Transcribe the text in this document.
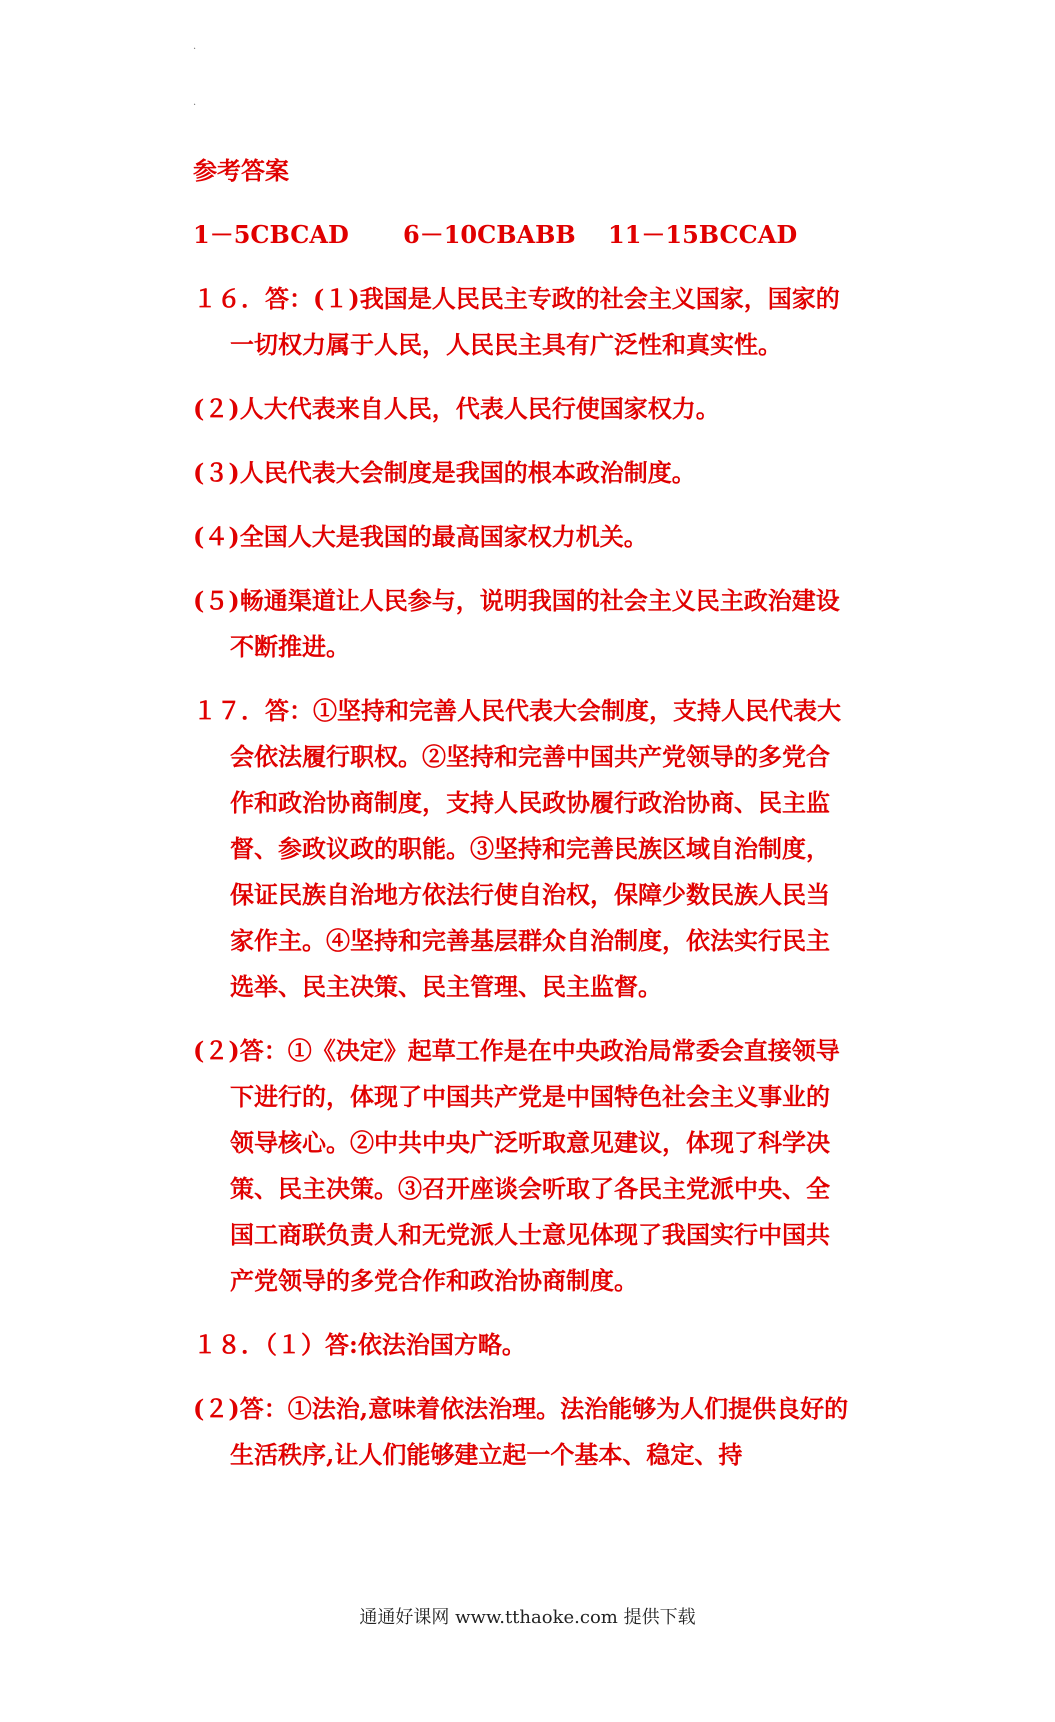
.
.
参考答案
1－5CBCAD	6－10CBABB	11－15BCCAD
１６．答：(１)我国是人民民主专政的社会主义国家，国家的一切权力属于人民，人民民主具有广泛性和真实性。
(２)人大代表来自人民，代表人民行使国家权力。
(３)人民代表大会制度是我国的根本政治制度。
(４)全国人大是我国的最高国家权力机关。
(５)畅通渠道让人民参与，说明我国的社会主义民主政治建设不断推进。
１７．答：①坚持和完善人民代表大会制度，支持人民代表大会依法履行职权。②坚持和完善中国共产党领导的多党合作和政治协商制度，支持人民政协履行政治协商、民主监督、参政议政的职能。③坚持和完善民族区域自治制度，保证民族自治地方依法行使自治权，保障少数民族人民当家作主。④坚持和完善基层群众自治制度，依法实行民主选举、民主决策、民主管理、民主监督。
(２)答：①《决定》起草工作是在中央政治局常委会直接领导下进行的，体现了中国共产党是中国特色社会主义事业的领导核心。②中共中央广泛听取意见建议，体现了科学决策、民主决策。③召开座谈会听取了各民主党派中央、全国工商联负责人和无党派人士意见体现了我国实行中国共产党领导的多党合作和政治协商制度。
１８．（１）答:依法治国方略。
(２)答：①法治,意味着依法治理。法治能够为人们提供良好的生活秩序,让人们能够建立起一个基本、稳定、持
通通好课网 www.tthaoke.com 提供下载
